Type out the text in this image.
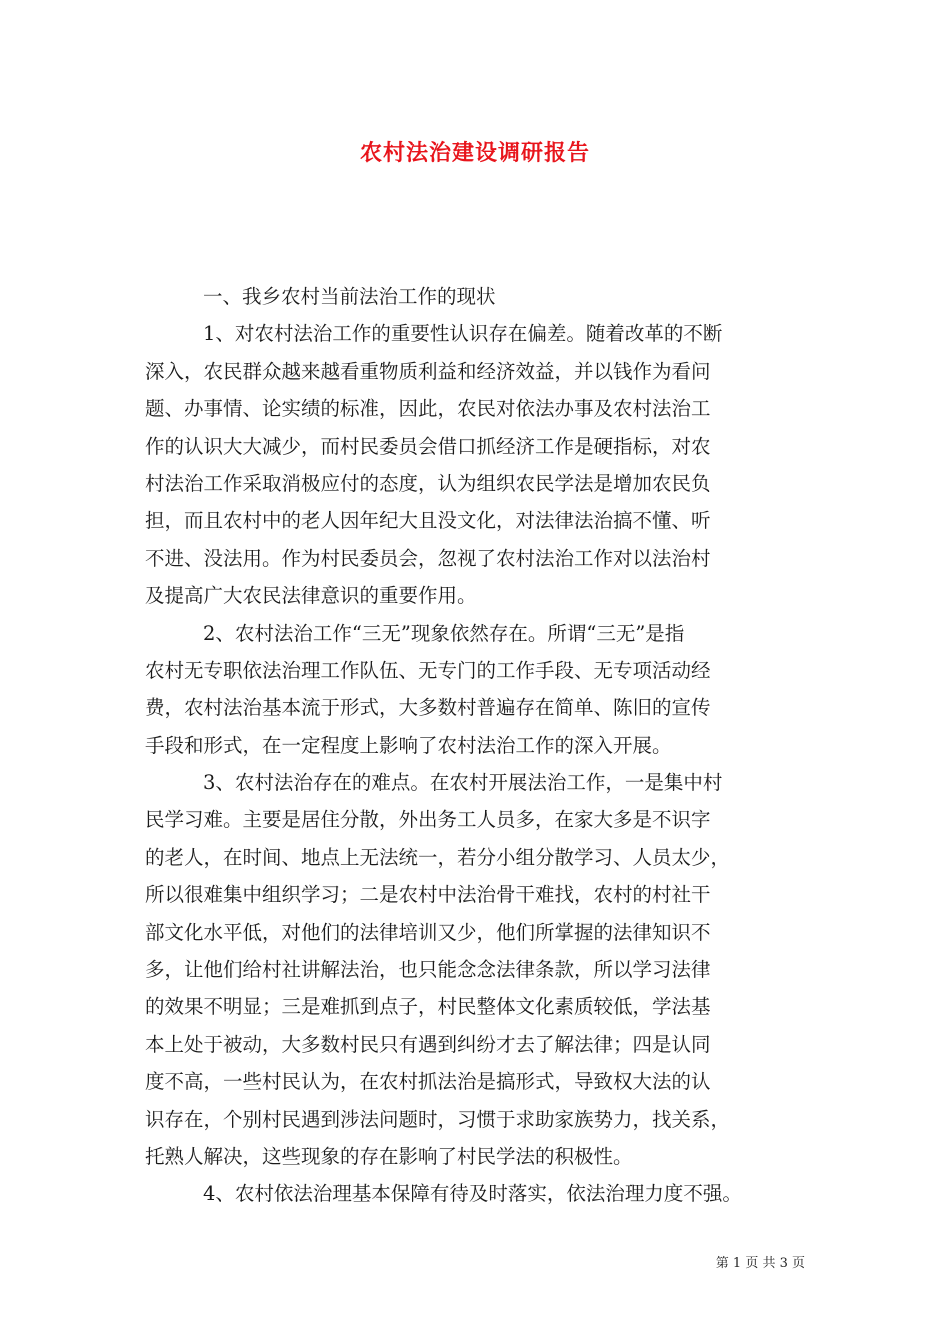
农村法治建设调研报告
一、我乡农村当前法治工作的现状
1、对农村法治工作的重要性认识存在偏差。随着改革的不断
深入，农民群众越来越看重物质利益和经济效益，并以钱作为看问
题、办事情、论实绩的标准，因此，农民对依法办事及农村法治工
作的认识大大减少，而村民委员会借口抓经济工作是硬指标，对农
村法治工作采取消极应付的态度，认为组织农民学法是增加农民负
担，而且农村中的老人因年纪大且没文化，对法律法治搞不懂、听
不进、没法用。作为村民委员会，忽视了农村法治工作对以法治村
及提高广大农民法律意识的重要作用。
2、农村法治工作“三无”现象依然存在。所谓“三无”是指
农村无专职依法治理工作队伍、无专门的工作手段、无专项活动经
费，农村法治基本流于形式，大多数村普遍存在简单、陈旧的宣传
手段和形式，在一定程度上影响了农村法治工作的深入开展。
3、农村法治存在的难点。在农村开展法治工作，一是集中村
民学习难。主要是居住分散，外出务工人员多，在家大多是不识字
的老人，在时间、地点上无法统一，若分小组分散学习、人员太少，
所以很难集中组织学习；二是农村中法治骨干难找，农村的村社干
部文化水平低，对他们的法律培训又少，他们所掌握的法律知识不
多，让他们给村社讲解法治，也只能念念法律条款，所以学习法律
的效果不明显；三是难抓到点子，村民整体文化素质较低，学法基
本上处于被动，大多数村民只有遇到纠纷才去了解法律；四是认同
度不高，一些村民认为，在农村抓法治是搞形式，导致权大法的认
识存在，个别村民遇到涉法问题时，习惯于求助家族势力，找关系，
托熟人解决，这些现象的存在影响了村民学法的积极性。
4、农村依法治理基本保障有待及时落实，依法治理力度不强。
第 1 页 共 3 页
